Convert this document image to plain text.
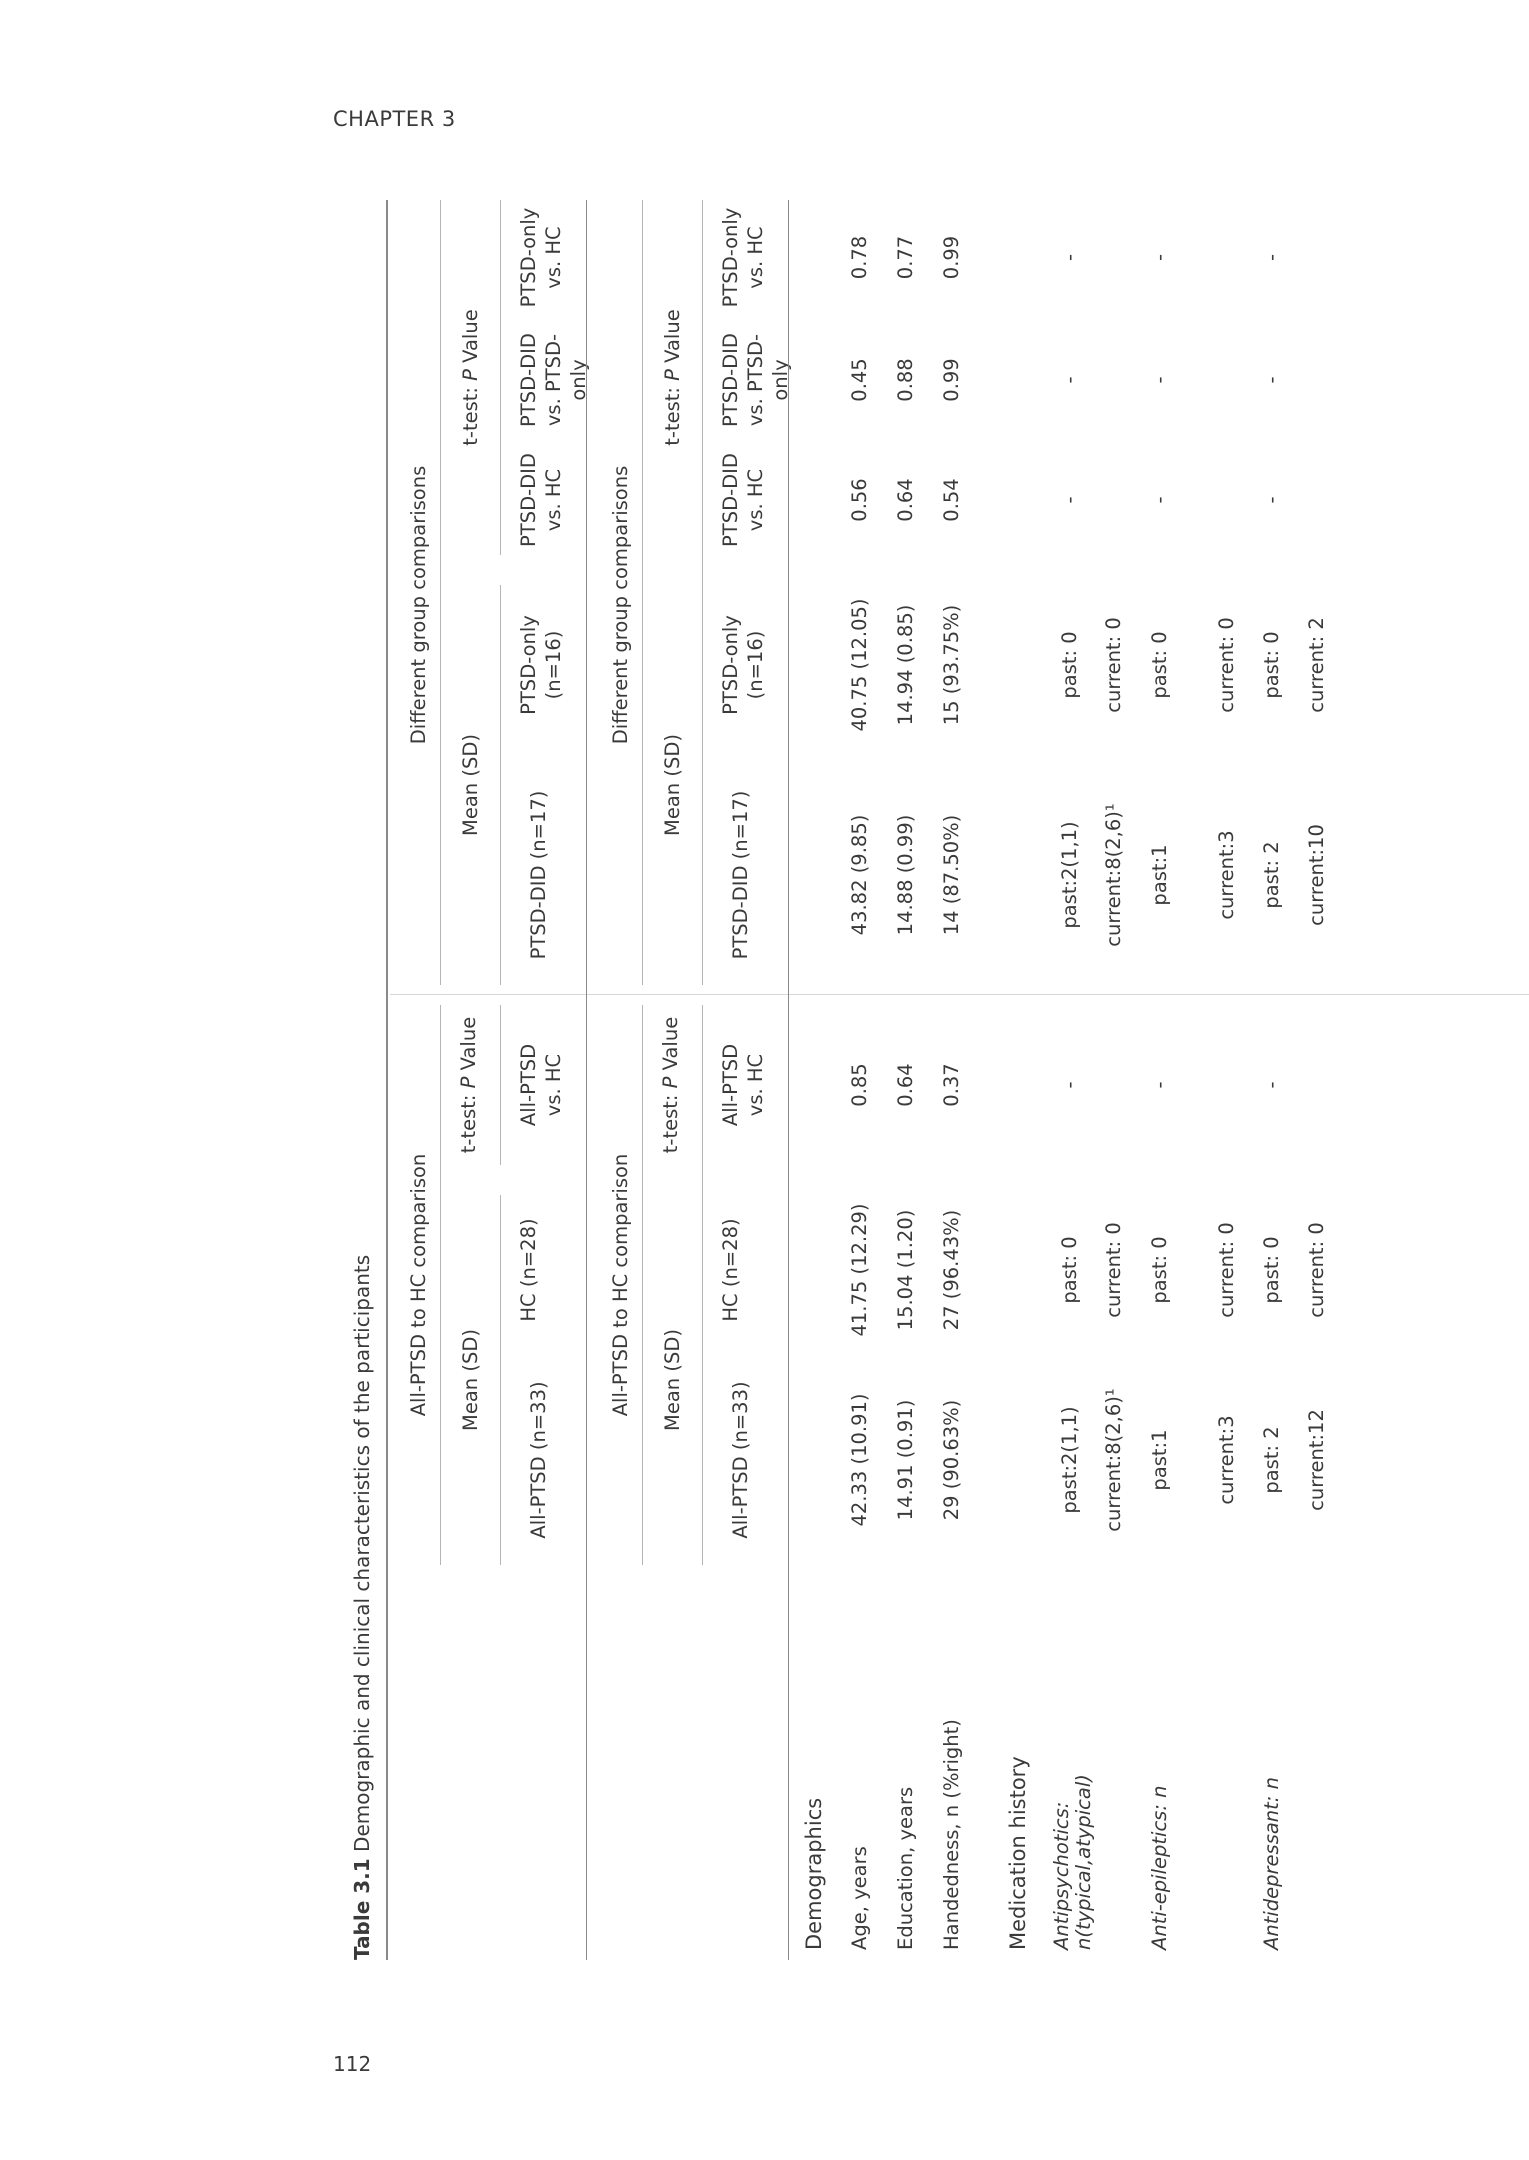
CHAPTER 3
112
Table 3.1 Demographic and clinical characteristics of the participants All-PTSD to HC comparison Mean (SD)
t-test: P Value
All-PTSD (n=33)
HC (n=28)
All-PTSD vs. HC
Different group comparisons
Mean (SD)
t-test: P Value
PTSD-DID (n=17)
PTSD-only (n=16)
PTSD-DID vs. HC
PTSD-DID vs. PTSD-only
PTSD-only vs. HC
All-PTSD to HC comparison Mean (SD)
t-test: P Value
All-PTSD (n=33)
HC (n=28)
All-PTSD vs. HC
Different group comparisons
Mean (SD)
t-test: P Value
PTSD-DID (n=17)
PTSD-only (n=16)
PTSD-DID vs. HC
PTSD-DID vs. PTSD-only
PTSD-only vs. HC
Demographics Age, years
42.33 (10.91)
41.75 (12.29)
0.85
43.82 (9.85)
40.75 (12.05)
0.56
0.45
0.78
Education, years
14.91 (0.91)
15.04 (1.20)
0.64
14.88 (0.99)
14.94 (0.85)
0.64
0.88
0.77
Handedness, n (%right)
29 (90.63%)
27 (96.43%)
0.37
14 (87.50%)
15 (93.75%)
0.54
0.99
0.99
Medication history Antipsychotics: n(typical,atypical)
past:2(1,1)
past: 0
-
past:2(1,1)
past: 0
-
-
-
current:8(2,6)¹
current: 0
current:8(2,6)¹
current: 0
Anti-epileptics: n
past:1
past: 0
-
past:1
past: 0
-
-
-
current:3
current: 0
current:3
current: 0
Antidepressant: n
past: 2
past: 0
-
past: 2
past: 0
-
-
-
current:12
current: 0
current:10
current: 2
